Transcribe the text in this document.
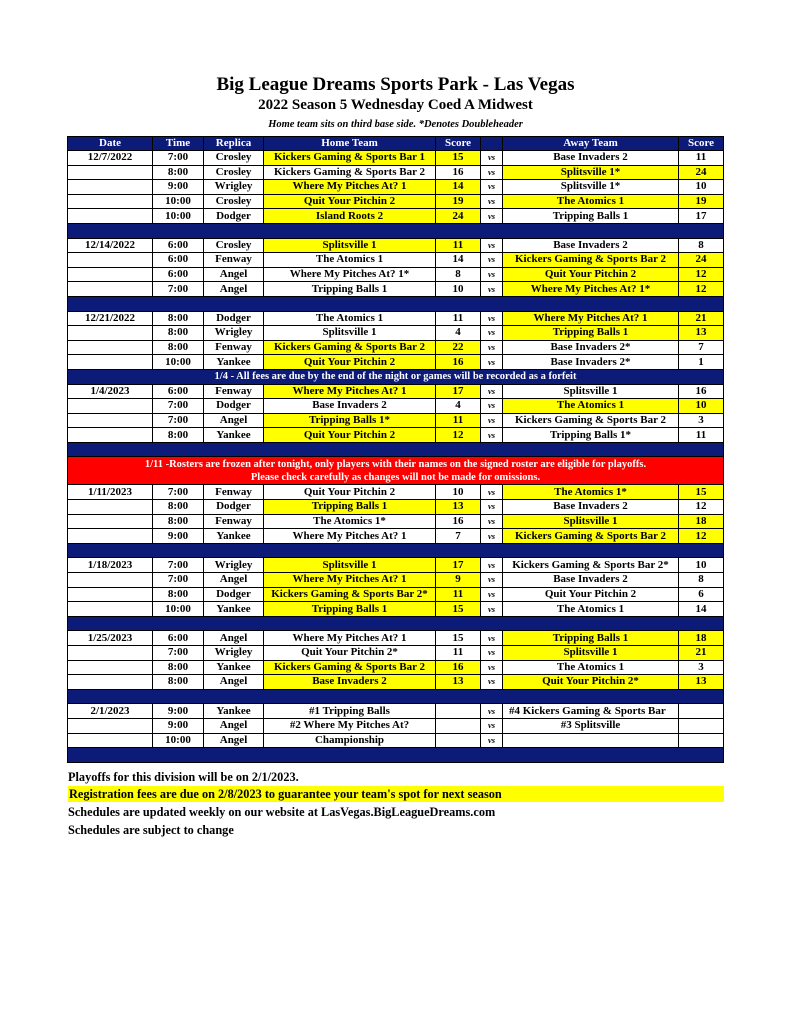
Big League Dreams Sports Park - Las Vegas
2022 Season 5 Wednesday Coed A Midwest
Home team sits on third base side. *Denotes Doubleheader
Date	Time	Replica	Home Team	Score		Away Team	Score
12/7/2022	7:00	Crosley	Kickers Gaming & Sports Bar 1	15	vs	Base Invaders 2	11
	8:00	Crosley	Kickers Gaming & Sports Bar 2	16	vs	Splitsville 1*	24
	9:00	Wrigley	Where My Pitches At? 1	14	vs	Splitsville 1*	10
	10:00	Crosley	Quit Your Pitchin 2	19	vs	The Atomics 1	19
	10:00	Dodger	Island Roots 2	24	vs	Tripping Balls 1	17

12/14/2022	6:00	Crosley	Splitsville 1	11	vs	Base Invaders 2	8
	6:00	Fenway	The Atomics 1	14	vs	Kickers Gaming & Sports Bar 2	24
	6:00	Angel	Where My Pitches At? 1*	8	vs	Quit Your Pitchin 2	12
	7:00	Angel	Tripping Balls 1	10	vs	Where My Pitches At? 1*	12

12/21/2022	8:00	Dodger	The Atomics 1	11	vs	Where My Pitches At? 1	21
	8:00	Wrigley	Splitsville 1	4	vs	Tripping Balls 1	13
	8:00	Fenway	Kickers Gaming & Sports Bar 2	22	vs	Base Invaders 2*	7
	10:00	Yankee	Quit Your Pitchin 2	16	vs	Base Invaders 2*	1
1/4 - All fees are due by the end of the night or games will be recorded as a forfeit							
1/4/2023	6:00	Fenway	Where My Pitches At? 1	17	vs	Splitsville 1	16
	7:00	Dodger	Base Invaders 2	4	vs	The Atomics 1	10
	7:00	Angel	Tripping Balls 1*	11	vs	Kickers Gaming & Sports Bar 2	3
	8:00	Yankee	Quit Your Pitchin 2	12	vs	Tripping Balls 1*	11

1/11 -Rosters are frozen after tonight, only players with their names on the signed roster are eligible for playoffs.
Please check carefully as changes will not be made for omissions.							

1/11/2023	7:00	Fenway	Quit Your Pitchin 2	10	vs	The Atomics 1*	15
	8:00	Dodger	Tripping Balls 1	13	vs	Base Invaders 2	12
	8:00	Fenway	The Atomics 1*	16	vs	Splitsville 1	18
	9:00	Yankee	Where My Pitches At? 1	7	vs	Kickers Gaming & Sports Bar 2	12

1/18/2023	7:00	Wrigley	Splitsville 1	17	vs	Kickers Gaming & Sports Bar 2*	10
	7:00	Angel	Where My Pitches At? 1	9	vs	Base Invaders 2	8
	8:00	Dodger	Kickers Gaming & Sports Bar 2*	11	vs	Quit Your Pitchin 2	6
	10:00	Yankee	Tripping Balls 1	15	vs	The Atomics 1	14

1/25/2023	6:00	Angel	Where My Pitches At? 1	15	vs	Tripping Balls 1	18
	7:00	Wrigley	Quit Your Pitchin 2*	11	vs	Splitsville 1	21
	8:00	Yankee	Kickers Gaming & Sports Bar 2	16	vs	The Atomics 1	3
	8:00	Angel	Base Invaders 2	13	vs	Quit Your Pitchin 2*	13

2/1/2023	9:00	Yankee	#1 Tripping Balls		vs	#4 Kickers Gaming & Sports Bar	
	9:00	Angel	#2 Where My Pitches At?		vs	#3 Splitsville	
	10:00	Angel	Championship		vs		

Playoffs for this division will be on 2/1/2023.
Registration fees are due on 2/8/2023 to guarantee your team's spot for next season
Schedules are updated weekly on our website at LasVegas.BigLeagueDreams.com
Schedules are subject to change
